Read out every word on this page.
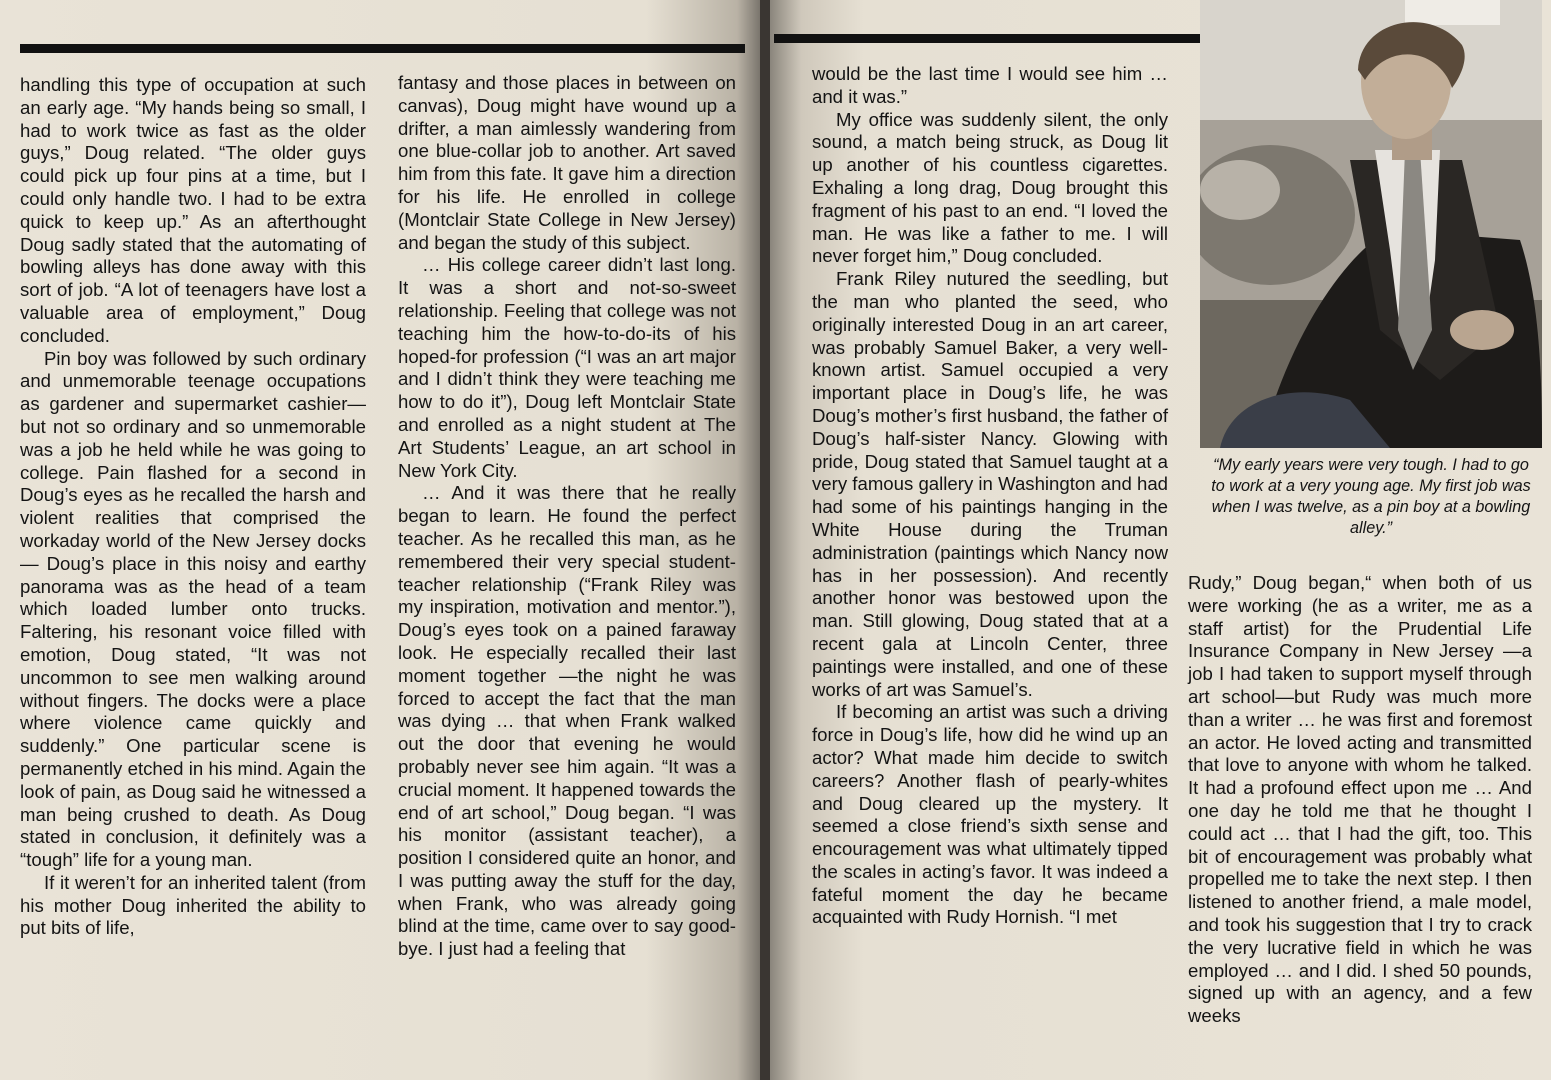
handling this type of occupation at such an early age. “My hands being so small, I had to work twice as fast as the older guys,” Doug related. “The older guys could pick up four pins at a time, but I could only handle two. I had to be extra quick to keep up.” As an afterthought Doug sadly stated that the automating of bowling alleys has done away with this sort of job. “A lot of teenagers have lost a valuable area of employment,” Doug concluded.

Pin boy was followed by such ordinary and unmemorable teenage occupations as gardener and supermarket cashier—but not so ordinary and so unmemorable was a job he held while he was going to college. Pain flashed for a second in Doug’s eyes as he recalled the harsh and violent realities that comprised the workaday world of the New Jersey docks — Doug’s place in this noisy and earthy panorama was as the head of a team which loaded lumber onto trucks. Faltering, his resonant voice filled with emotion, Doug stated, “It was not uncommon to see men walking around without fingers. The docks were a place where violence came quickly and suddenly.” One particular scene is permanently etched in his mind. Again the look of pain, as Doug said he witnessed a man being crushed to death. As Doug stated in conclusion, it definitely was a “tough” life for a young man.

If it weren’t for an inherited talent (from his mother Doug inherited the ability to put bits of life,

fantasy and those places in between on canvas), Doug might have wound up a drifter, a man aimlessly wandering from one blue-collar job to another. Art saved him from this fate. It gave him a direction for his life. He enrolled in college (Montclair State College in New Jersey) and began the study of this subject.

… His college career didn’t last long. It was a short and not-so-sweet relationship. Feeling that college was not teaching him the how-to-do-its of his hoped-for profession (“I was an art major and I didn’t think they were teaching me how to do it”), Doug left Montclair State and enrolled as a night student at The Art Students’ League, an art school in New York City.

… And it was there that he really began to learn. He found the perfect teacher. As he recalled this man, as he remembered their very special student-teacher relationship (“Frank Riley was my inspiration, motivation and mentor.”), Doug’s eyes took on a pained faraway look. He especially recalled their last moment together —the night he was forced to accept the fact that the man was dying … that when Frank walked out the door that evening he would probably never see him again. “It was a crucial moment. It happened towards the end of art school,” Doug began. “I was his monitor (assistant teacher), a position I considered quite an honor, and I was putting away the stuff for the day, when Frank, who was already going blind at the time, came over to say good-bye. I just had a feeling that

would be the last time I would see him … and it was.”

My office was suddenly silent, the only sound, a match being struck, as Doug lit up another of his countless cigarettes. Exhaling a long drag, Doug brought this fragment of his past to an end. “I loved the man. He was like a father to me. I will never forget him,” Doug concluded.

Frank Riley nutured the seedling, but the man who planted the seed, who originally interested Doug in an art career, was probably Samuel Baker, a very well-known artist. Samuel occupied a very important place in Doug’s life, he was Doug’s mother’s first husband, the father of Doug’s half-sister Nancy. Glowing with pride, Doug stated that Samuel taught at a very famous gallery in Washington and had had some of his paintings hanging in the White House during the Truman administration (paintings which Nancy now has in her possession). And recently another honor was bestowed upon the man. Still glowing, Doug stated that at a recent gala at Lincoln Center, three paintings were installed, and one of these works of art was Samuel’s.

If becoming an artist was such a driving force in Doug’s life, how did he wind up an actor? What made him decide to switch careers? Another flash of pearly-whites and Doug cleared up the mystery. It seemed a close friend’s sixth sense and encouragement was what ultimately tipped the scales in acting’s favor. It was indeed a fateful moment the day he became acquainted with Rudy Hornish. “I met

“My early years were very tough. I had to go to work at a very young age. My first job was when I was twelve, as a pin boy at a bowling alley.”

Rudy,” Doug began,“ when both of us were working (he as a writer, me as a staff artist) for the Prudential Life Insurance Company in New Jersey —a job I had taken to support myself through art school—but Rudy was much more than a writer … he was first and foremost an actor. He loved acting and transmitted that love to anyone with whom he talked. It had a profound effect upon me … And one day he told me that he thought I could act … that I had the gift, too. This bit of encouragement was probably what propelled me to take the next step. I then listened to another friend, a male model, and took his suggestion that I try to crack the very lucrative field in which he was employed … and I did. I shed 50 pounds, signed up with an agency, and a few weeks
